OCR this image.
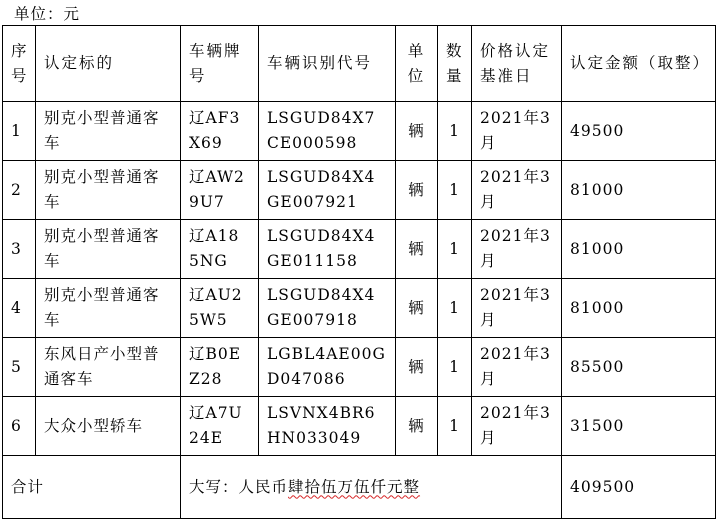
单位：元
序号	认定标的	车辆牌号	车辆识别代号	单位	数量	价格认定基准日	认定金额（取整）
1	别克小型普通客车	辽AF3X69	LSGUD84X7CE000598	辆	1	2021年3月	49500
2	别克小型普通客车	辽AW29U7	LSGUD84X4GE007921	辆	1	2021年3月	81000
3	别克小型普通客车	辽A185NG	LSGUD84X4GE011158	辆	1	2021年3月	81000
4	别克小型普通客车	辽AU25W5	LSGUD84X4GE007918	辆	1	2021年3月	81000
5	东风日产小型普通客车	辽B0EZ28	LGBL4AE00GD047086	辆	1	2021年3月	85500
6	大众小型轿车	辽A7U24E	LSVNX4BR6HN033049	辆	1	2021年3月	31500
合计		大写：人民币肆拾伍万伍仟元整					409500
